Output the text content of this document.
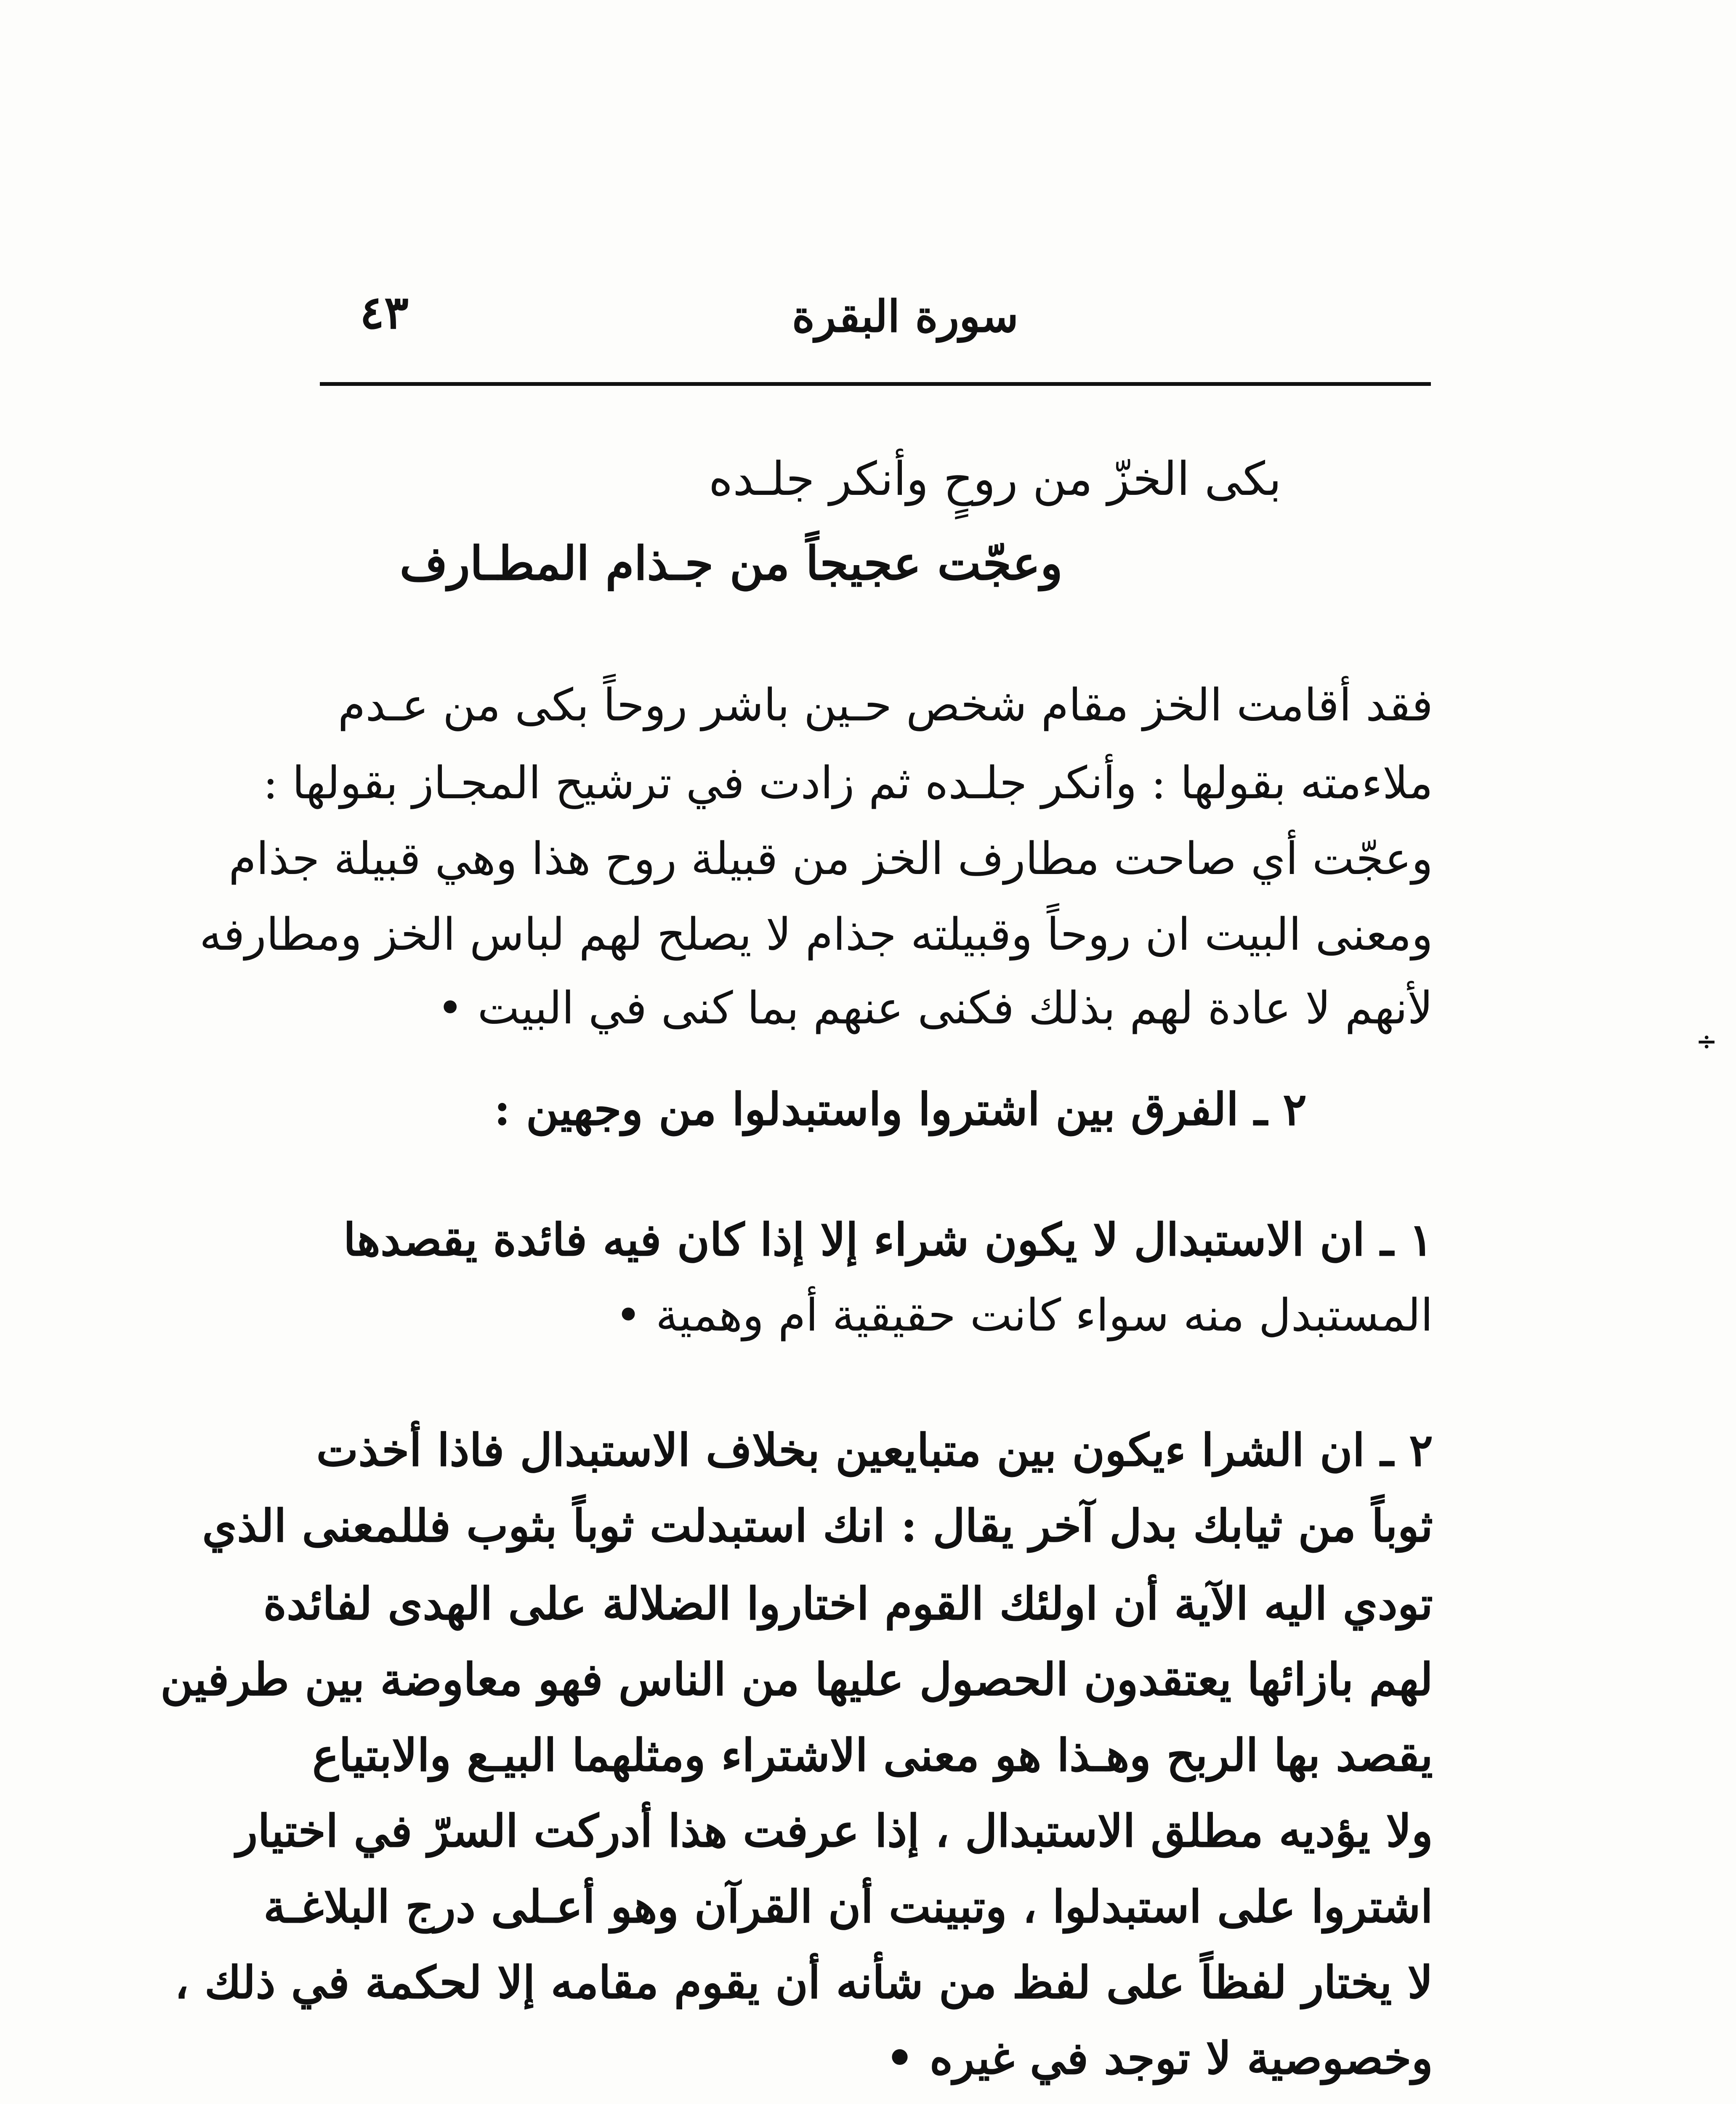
٤٣	سورة البقرة
بكى الخزّ من روحٍ وأنكر جلـده
وعجّت عجيجاً من جـذام المطـارف
فقد أقامت الخز مقام شخص حـين باشر روحاً بكى من عـدم
ملاءمته بقولها : وأنكر جلـده ثم زادت في ترشيح المجـاز بقولها :
وعجّت أي صاحت مطارف الخز من قبيلة روح هذا وهي قبيلة جذام
ومعنى البيت ان روحاً وقبيلته جذام لا يصلح لهم لباس الخز ومطارفه
لأنهم لا عادة لهم بذلك فكنى عنهم بما كنى في البيت •
٢ ـ الفرق بين اشتروا واستبدلوا من وجهين :
١ ـ ان الاستبدال لا يكون شراء إلا إذا كان فيه فائدة يقصدها
المستبدل منه سواء كانت حقيقية أم وهمية •
٢ ـ ان الشرا ءيكون بين متبايعين بخلاف الاستبدال فاذا أخذت
ثوباً من ثيابك بدل آخر يقال : انك استبدلت ثوباً بثوب فللمعنى الذي
تودي اليه الآية أن اولئك القوم اختاروا الضلالة على الهدى لفائدة
لهم بازائها يعتقدون الحصول عليها من الناس فهو معاوضة بين طرفين
يقصد بها الربح وهـذا هو معنى الاشتراء ومثلهما البيـع والابتياع
ولا يؤديه مطلق الاستبدال ، إذا عرفت هذا أدركت السرّ في اختيار
اشتروا على استبدلوا ، وتبينت أن القرآن وهو أعـلى درج البلاغـة
لا يختار لفظاً على لفظ من شأنه أن يقوم مقامه إلا لحكمة في ذلك ،
وخصوصية لا توجد في غيره •
÷
